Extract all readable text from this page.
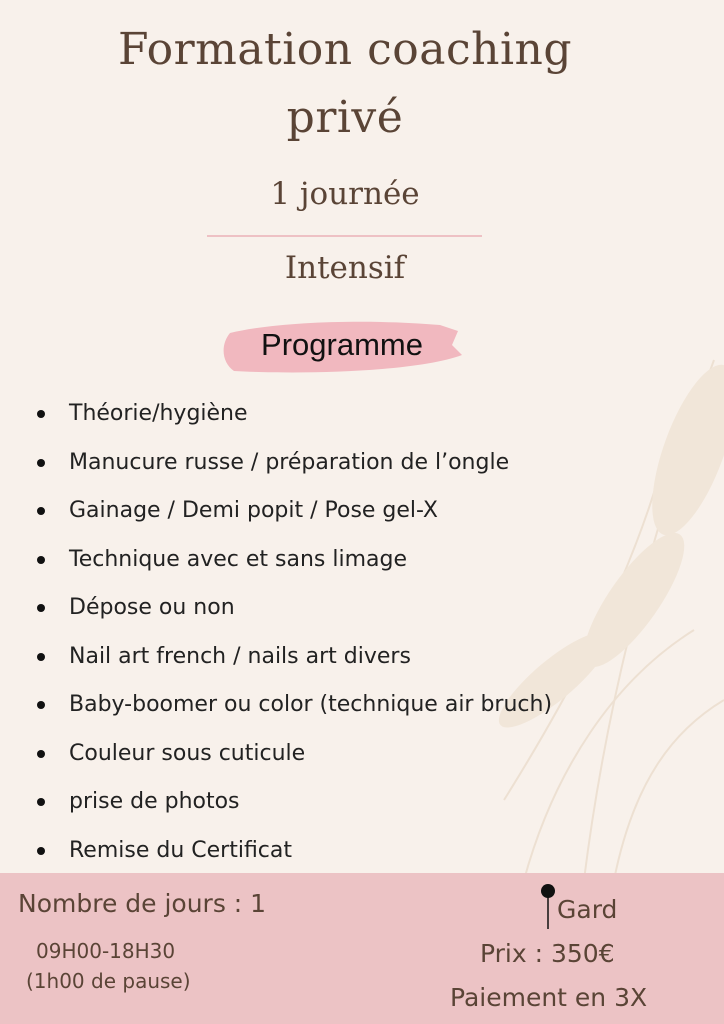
Formation coaching
privé
1 journée
Intensif
Programme
Théorie/hygiène
Manucure russe / préparation de l’ongle
Gainage / Demi popit / Pose gel-X
Technique avec et sans limage
Dépose ou non
Nail art french / nails art divers
Baby-boomer ou color (technique air bruch)
Couleur sous cuticule
prise de photos
Remise du Certificat
Nombre de jours : 1
09H00-18H30
(1h00 de pause)
Gard
Prix : 350€
Paiement en 3X
